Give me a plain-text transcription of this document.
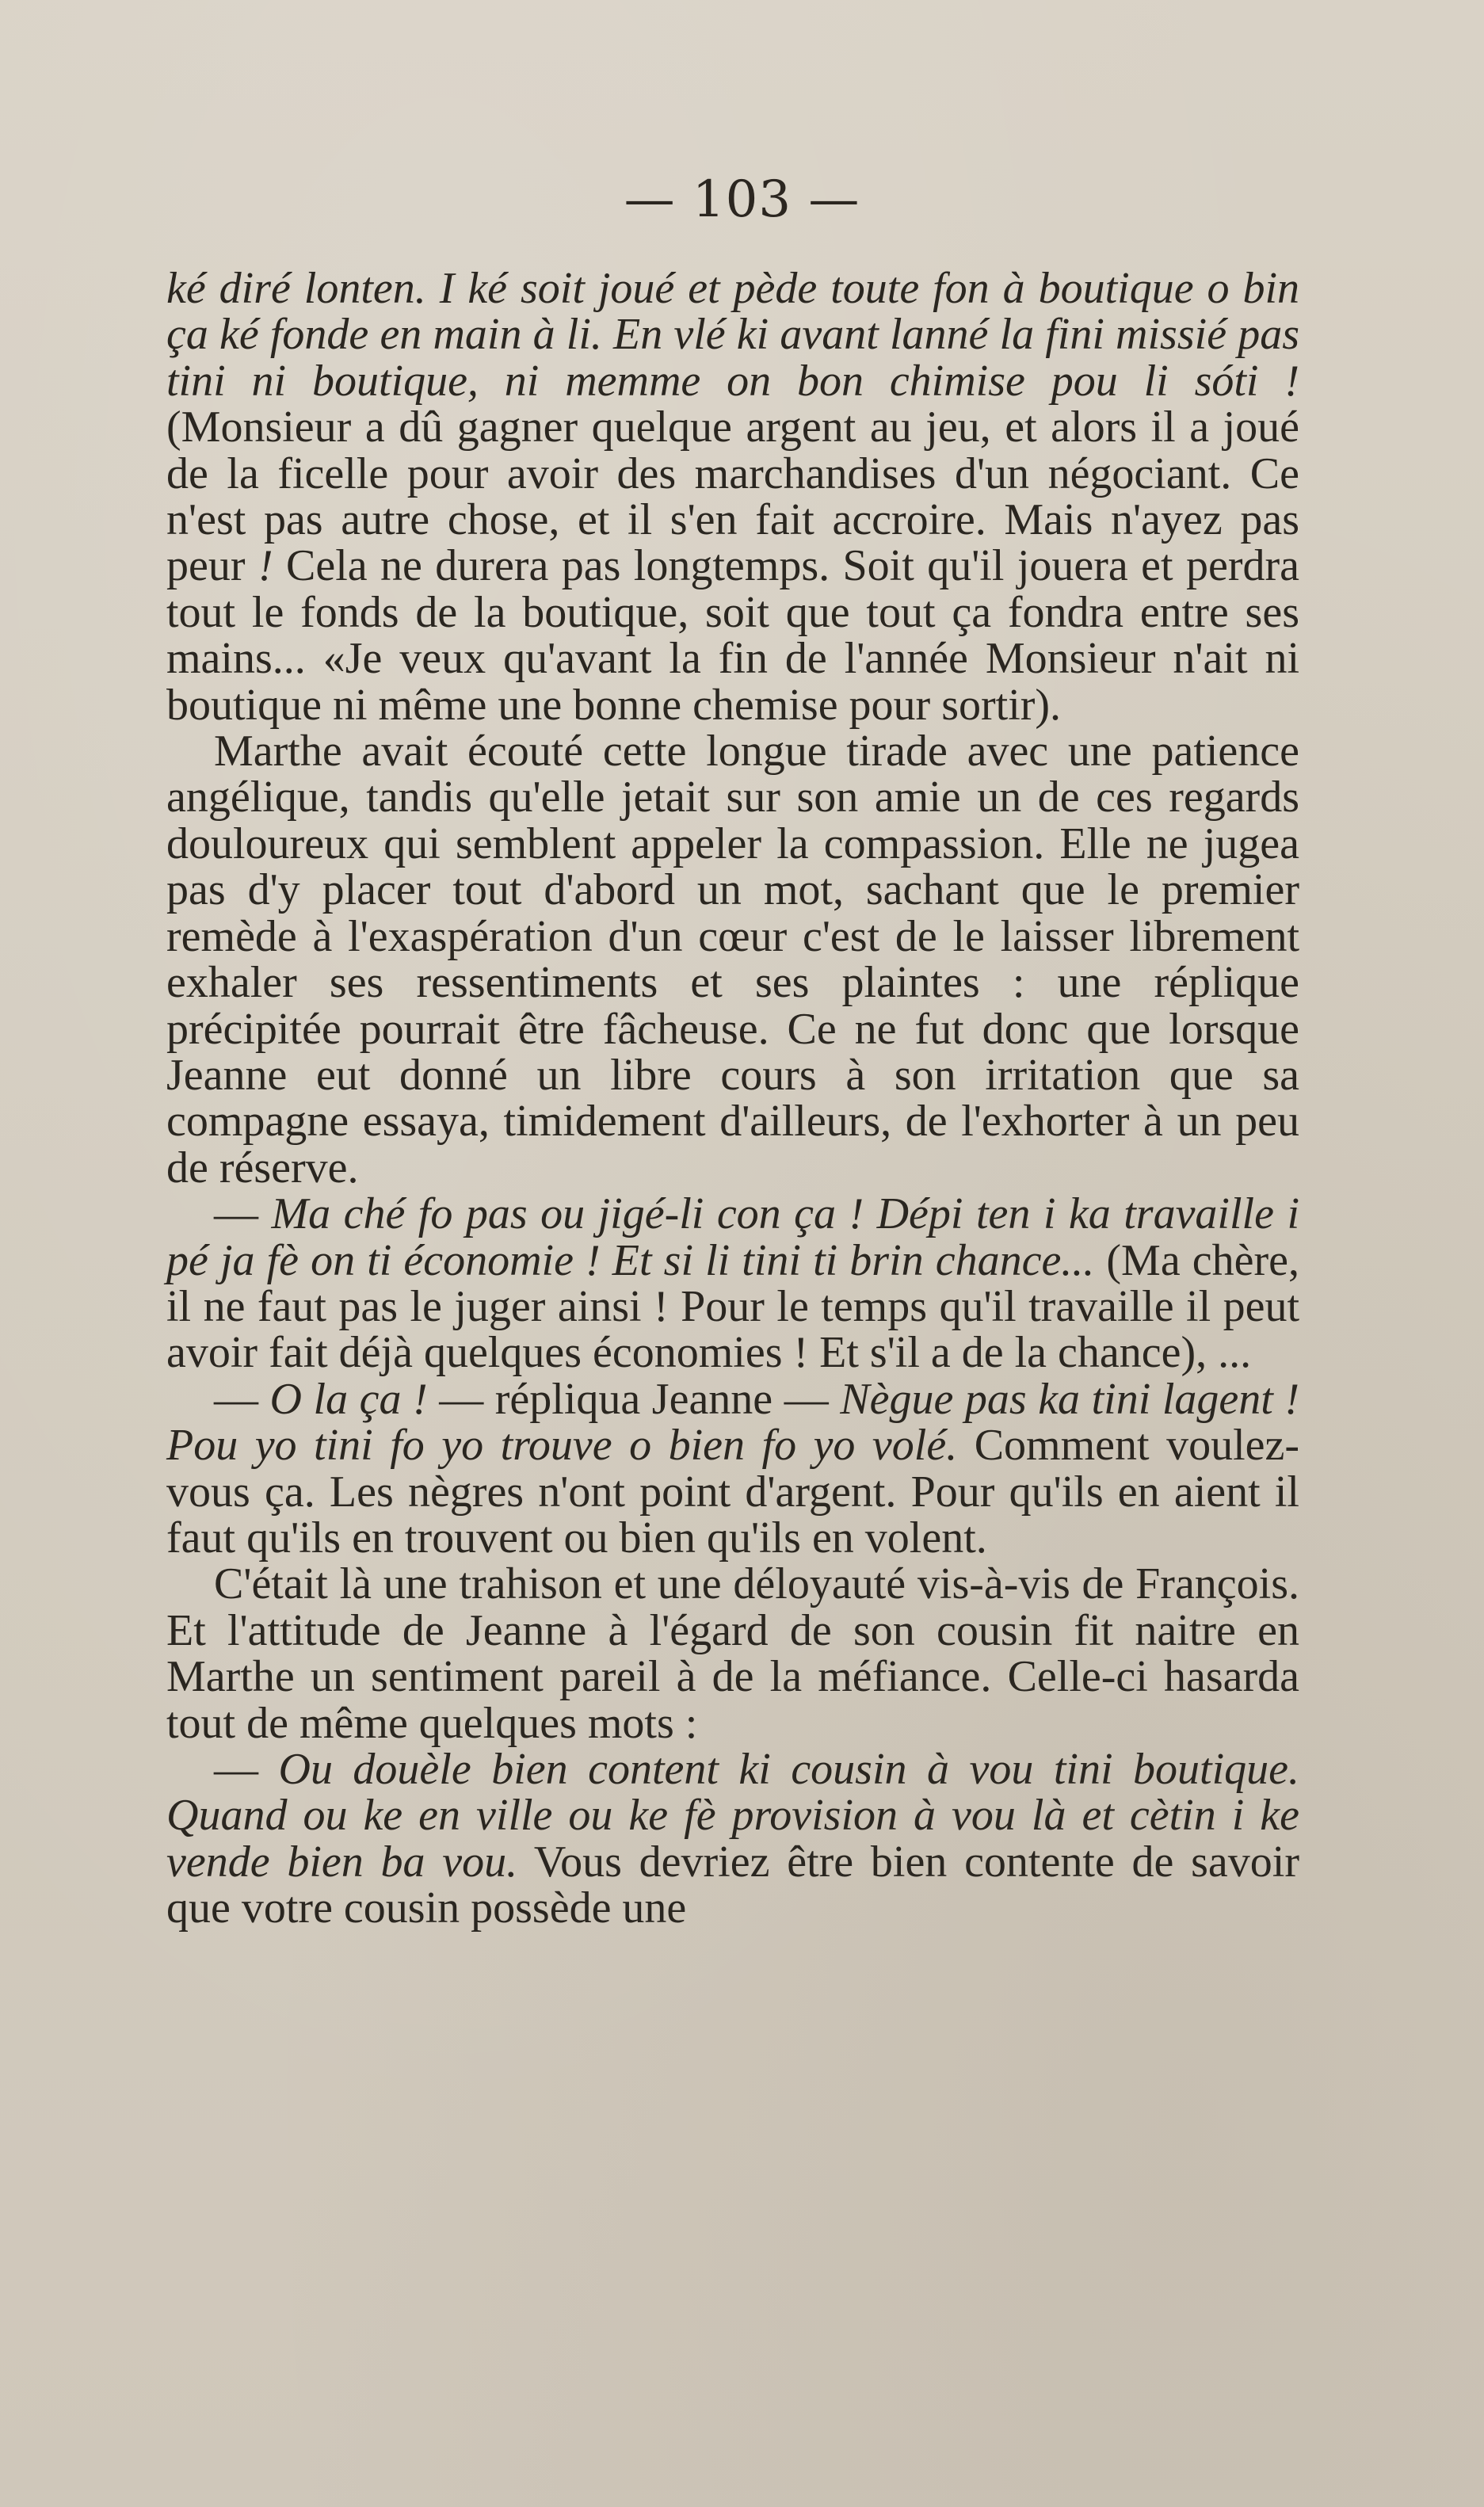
— 103 —

ké diré lonten. I ké soit joué et pède toute fon à boutique o bin ça ké fonde en main à li. En vlé ki avant lanné la fini missié pas tini ni boutique, ni memme on bon chimise pou li sóti ! (Monsieur a dû gagner quelque argent au jeu, et alors il a joué de la ficelle pour avoir des marchandises d'un négociant. Ce n'est pas autre chose, et il s'en fait accroire. Mais n'ayez pas peur ! Cela ne durera pas longtemps. Soit qu'il jouera et perdra tout le fonds de la boutique, soit que tout ça fondra entre ses mains... «Je veux qu'avant la fin de l'année Monsieur n'ait ni boutique ni même une bonne chemise pour sortir).

Marthe avait écouté cette longue tirade avec une patience angélique, tandis qu'elle jetait sur son amie un de ces regards douloureux qui semblent appeler la compassion. Elle ne jugea pas d'y placer tout d'abord un mot, sachant que le premier remède à l'exaspération d'un cœur c'est de le laisser librement exhaler ses ressentiments et ses plaintes : une réplique précipitée pourrait être fâcheuse. Ce ne fut donc que lorsque Jeanne eut donné un libre cours à son irritation que sa compagne essaya, timidement d'ailleurs, de l'exhorter à un peu de réserve.

— Ma ché fo pas ou jigé-li con ça ! Dépi ten i ka travaille i pé ja fè on ti économie ! Et si li tini ti brin chance... (Ma chère, il ne faut pas le juger ainsi ! Pour le temps qu'il travaille il peut avoir fait déjà quelques économies ! Et s'il a de la chance), ...

— O la ça ! — répliqua Jeanne — Nègue pas ka tini lagent ! Pou yo tini fo yo trouve o bien fo yo volé. Comment voulez-vous ça. Les nègres n'ont point d'argent. Pour qu'ils en aient il faut qu'ils en trouvent ou bien qu'ils en volent.

C'était là une trahison et une déloyauté vis-à-vis de François. Et l'attitude de Jeanne à l'égard de son cousin fit naitre en Marthe un sentiment pareil à de la méfiance. Celle-ci hasarda tout de même quelques mots :

— Ou douèle bien content ki cousin à vou tini boutique. Quand ou ke en ville ou ke fè provision à vou là et cètin i ke vende bien ba vou. Vous devriez être bien contente de savoir que votre cousin possède une
